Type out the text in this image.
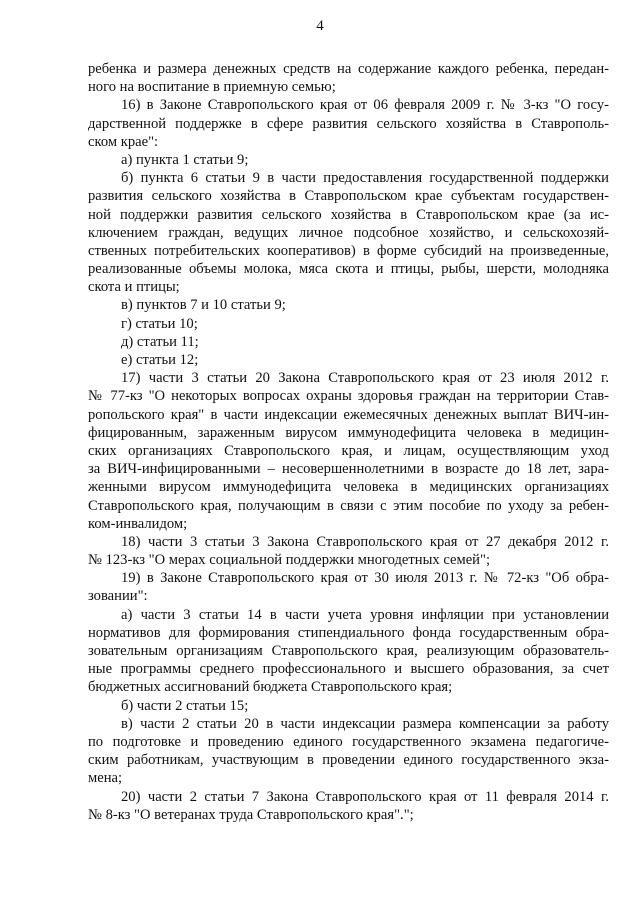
4
ребенка и размера денежных средств на содержание каждого ребенка, передан-
ного на воспитание в приемную семью;
16) в Законе Ставропольского края от 06 февраля 2009 г. № 3-кз "О госу-
дарственной поддержке в сфере развития сельского хозяйства в Ставрополь-
ском крае":
а) пункта 1 статьи 9;
б) пункта 6 статьи 9 в части предоставления государственной поддержки
развития сельского хозяйства в Ставропольском крае субъектам государствен-
ной поддержки развития сельского хозяйства в Ставропольском крае (за ис-
ключением граждан, ведущих личное подсобное хозяйство, и сельскохозяй-
ственных потребительских кооперативов) в форме субсидий на произведенные,
реализованные объемы молока, мяса скота и птицы, рыбы, шерсти, молодняка
скота и птицы;
в) пунктов 7 и 10 статьи 9;
г) статьи 10;
д) статьи 11;
е) статьи 12;
17) части 3 статьи 20 Закона Ставропольского края от 23 июля 2012 г.
№ 77-кз "О некоторых вопросах охраны здоровья граждан на территории Став-
ропольского края" в части индексации ежемесячных денежных выплат ВИЧ-ин-
фицированным, зараженным вирусом иммунодефицита человека в медицин-
ских организациях Ставропольского края, и лицам, осуществляющим уход
за ВИЧ-инфицированными – несовершеннолетними в возрасте до 18 лет, зара-
женными вирусом иммунодефицита человека в медицинских организациях
Ставропольского края, получающим в связи с этим пособие по уходу за ребен-
ком-инвалидом;
18) части 3 статьи 3 Закона Ставропольского края от 27 декабря 2012 г.
№ 123-кз "О мерах социальной поддержки многодетных семей";
19) в Законе Ставропольского края от 30 июля 2013 г. № 72-кз "Об обра-
зовании":
а) части 3 статьи 14 в части учета уровня инфляции при установлении
нормативов для формирования стипендиального фонда государственным обра-
зовательным организациям Ставропольского края, реализующим образователь-
ные программы среднего профессионального и высшего образования, за счет
бюджетных ассигнований бюджета Ставропольского края;
б) части 2 статьи 15;
в) части 2 статьи 20 в части индексации размера компенсации за работу
по подготовке и проведению единого государственного экзамена педагогиче-
ским работникам, участвующим в проведении единого государственного экза-
мена;
20) части 2 статьи 7 Закона Ставропольского края от 11 февраля 2014 г.
№ 8-кз "О ветеранах труда Ставропольского края".";
